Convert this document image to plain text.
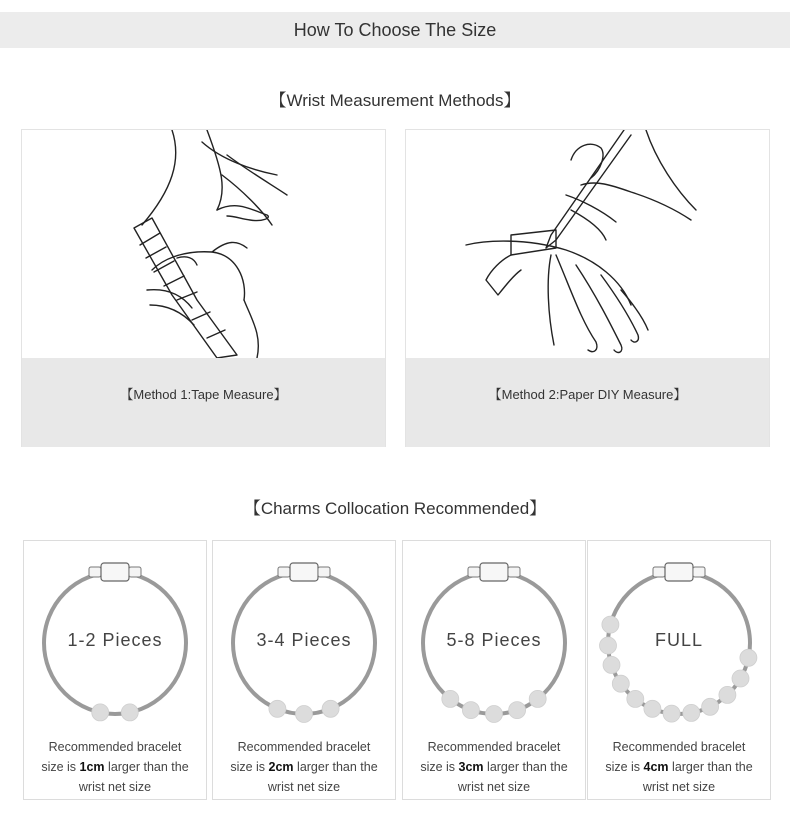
How To Choose The Size
【Wrist Measurement Methods】
【Method 1:Tape Measure】	【Method 2:Paper DIY Measure】
【Charms Collocation Recommended】
1-2 Pieces
Recommended bracelet
size is 1cm larger than the
wrist net size
3-4 Pieces
Recommended bracelet
size is 2cm larger than the
wrist net size
5-8 Pieces
Recommended bracelet
size is 3cm larger than the
wrist net size
FULL
Recommended bracelet
size is 4cm larger than the
wrist net size
